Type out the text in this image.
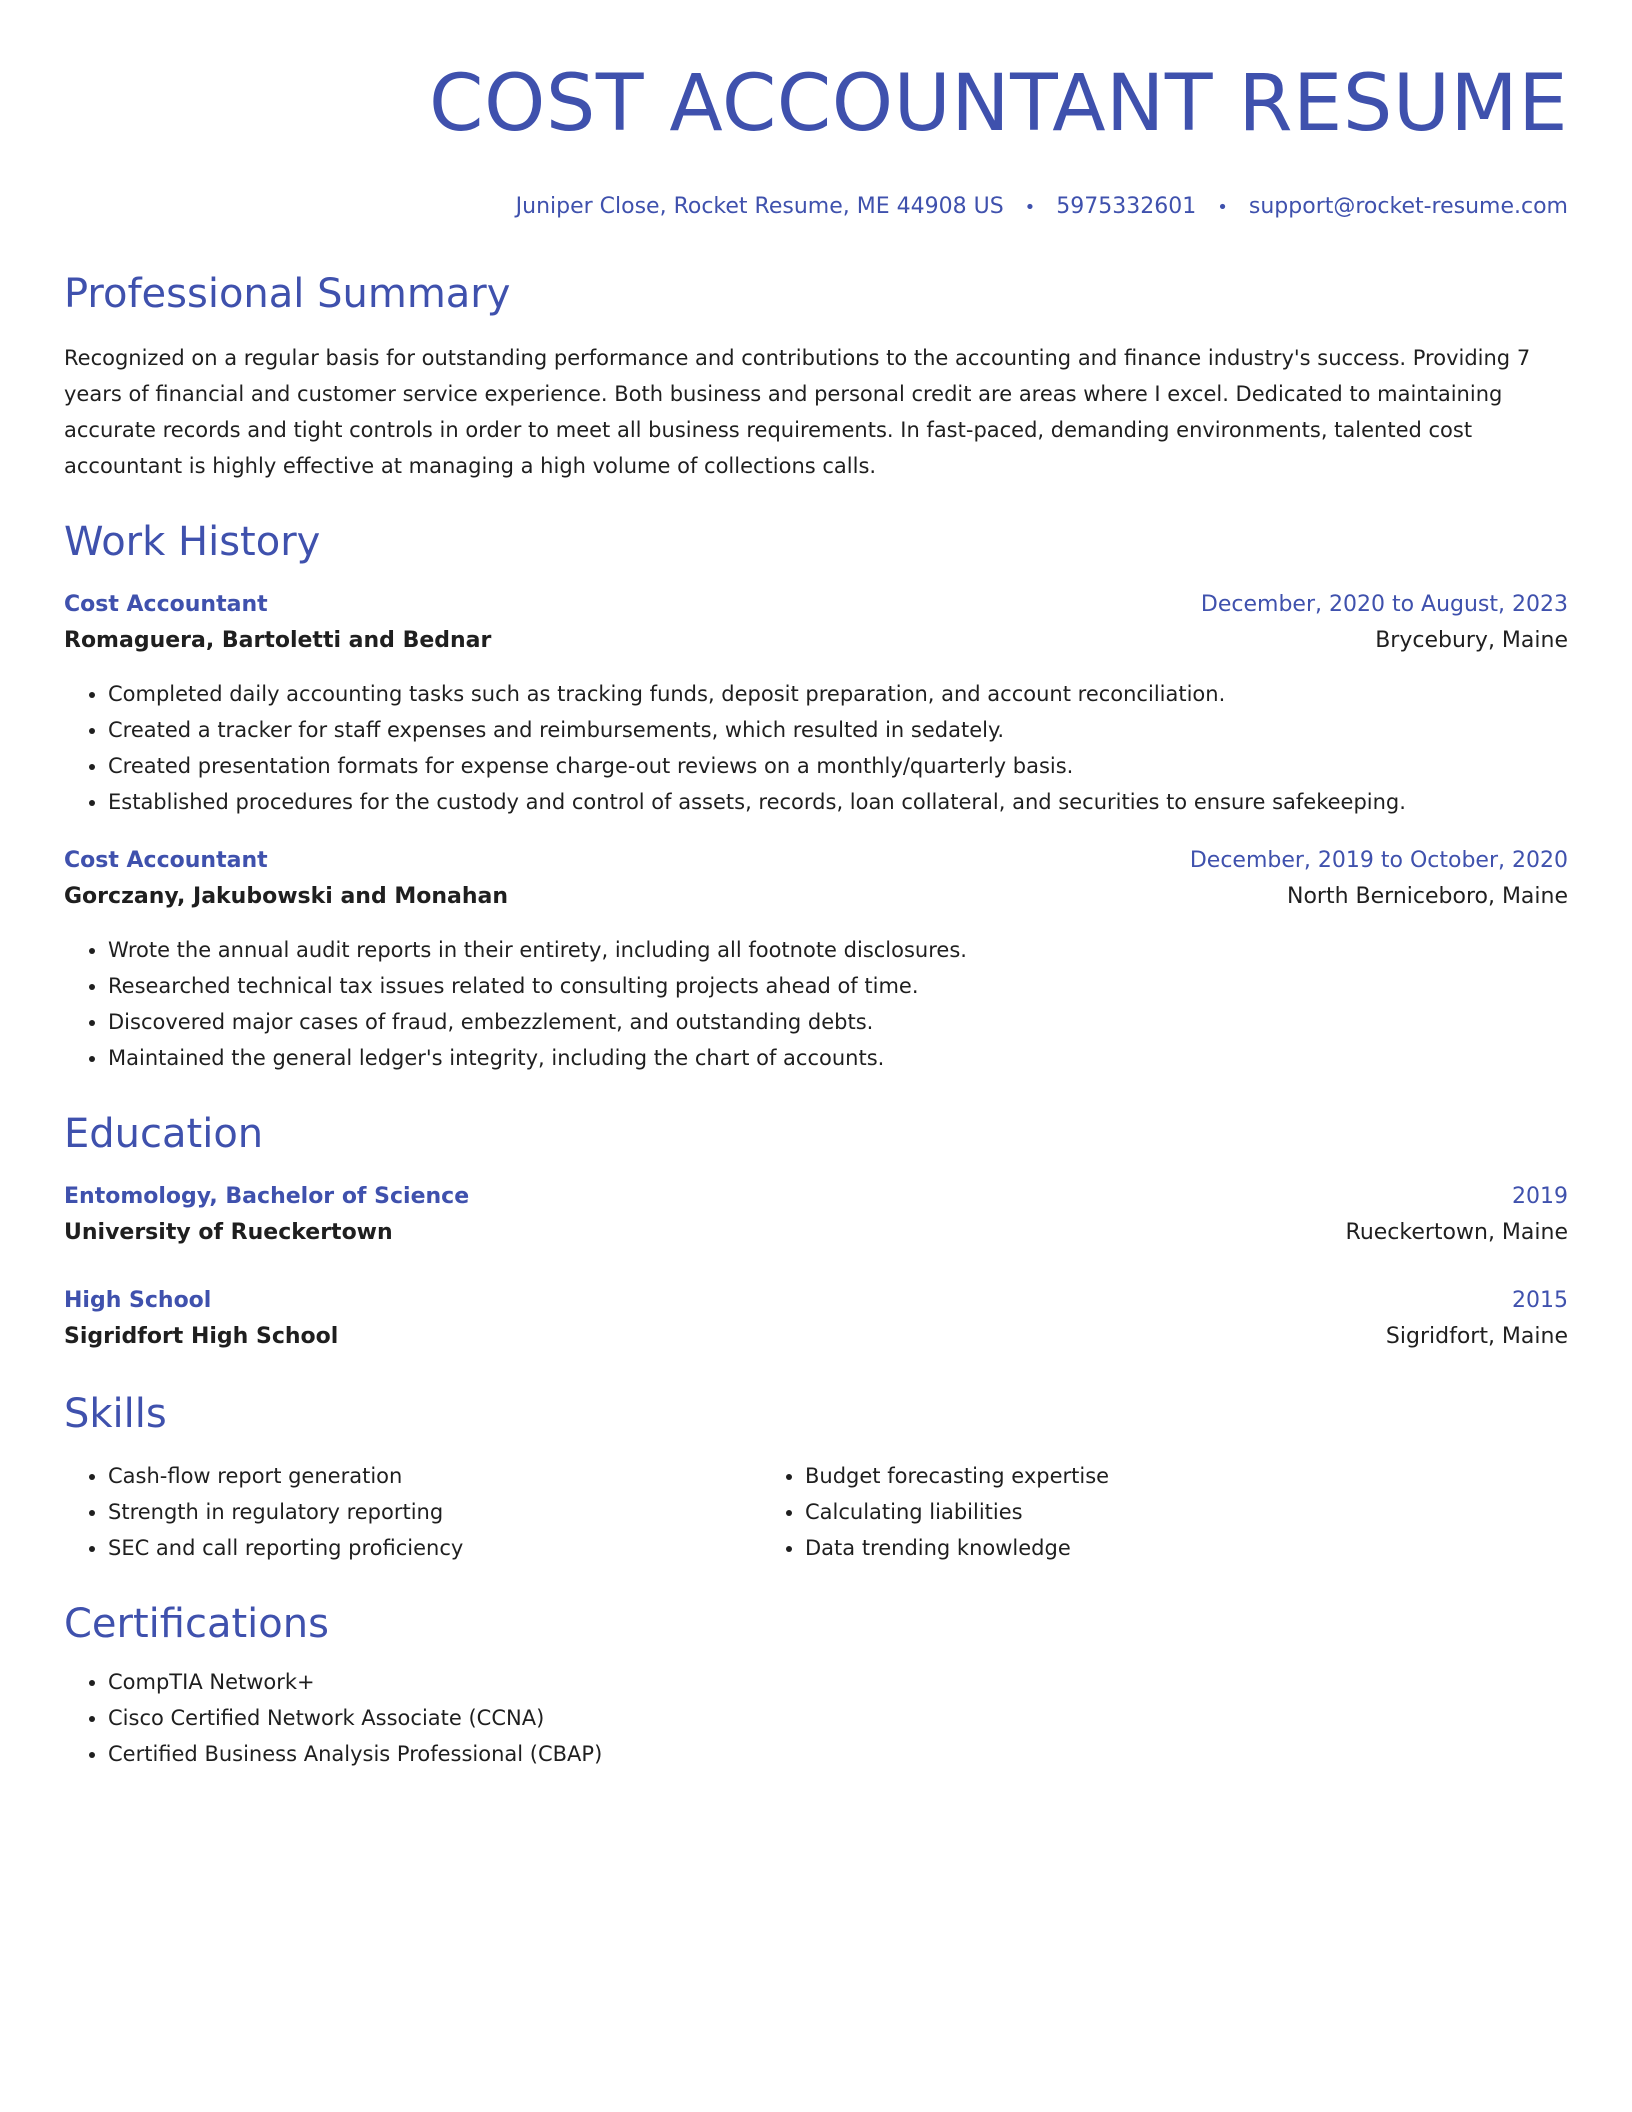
COST ACCOUNTANT RESUME
Juniper Close, Rocket Resume, ME 44908 US • 5975332601 • support@rocket-resume.com
Professional Summary
Recognized on a regular basis for outstanding performance and contributions to the accounting and finance industry's success. Providing 7 years of financial and customer service experience. Both business and personal credit are areas where I excel. Dedicated to maintaining accurate records and tight controls in order to meet all business requirements. In fast-paced, demanding environments, talented cost accountant is highly effective at managing a high volume of collections calls.
Work History
Cost Accountant	December, 2020 to August, 2023
Romaguera, Bartoletti and Bednar	Brycebury, Maine
• Completed daily accounting tasks such as tracking funds, deposit preparation, and account reconciliation.
• Created a tracker for staff expenses and reimbursements, which resulted in sedately.
• Created presentation formats for expense charge-out reviews on a monthly/quarterly basis.
• Established procedures for the custody and control of assets, records, loan collateral, and securities to ensure safekeeping.
Cost Accountant	December, 2019 to October, 2020
Gorczany, Jakubowski and Monahan	North Berniceboro, Maine
• Wrote the annual audit reports in their entirety, including all footnote disclosures.
• Researched technical tax issues related to consulting projects ahead of time.
• Discovered major cases of fraud, embezzlement, and outstanding debts.
• Maintained the general ledger's integrity, including the chart of accounts.
Education
Entomology, Bachelor of Science	2019
University of Rueckertown	Rueckertown, Maine
High School	2015
Sigridfort High School	Sigridfort, Maine
Skills
• Cash-flow report generation
• Strength in regulatory reporting
• SEC and call reporting proficiency
• Budget forecasting expertise
• Calculating liabilities
• Data trending knowledge
Certifications
• CompTIA Network+
• Cisco Certified Network Associate (CCNA)
• Certified Business Analysis Professional (CBAP)
